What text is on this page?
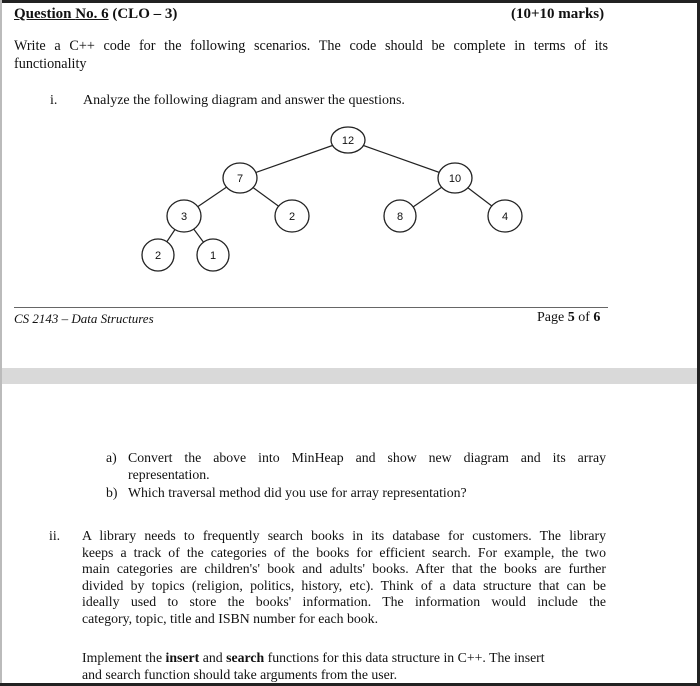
Question No. 6 (CLO – 3)	(10+10 marks)
Write a C++ code for the following scenarios. The code should be complete in terms of its
functionality
i. Analyze the following diagram and answer the questions.
12
7	10
3	2	8	4
2	1
CS 2143 – Data Structures	Page 5 of 6
a) Convert the above into MinHeap and show new diagram and its array
representation.
b) Which traversal method did you use for array representation?
ii. A library needs to frequently search books in its database for customers. The library
keeps a track of the categories of the books for efficient search. For example, the two
main categories are children's' book and adults' books. After that the books are further
divided by topics (religion, politics, history, etc). Think of a data structure that can be
ideally used to store the books' information. The information would include the
category, topic, title and ISBN number for each book.
Implement the insert and search functions for this data structure in C++. The insert
and search function should take arguments from the user.
